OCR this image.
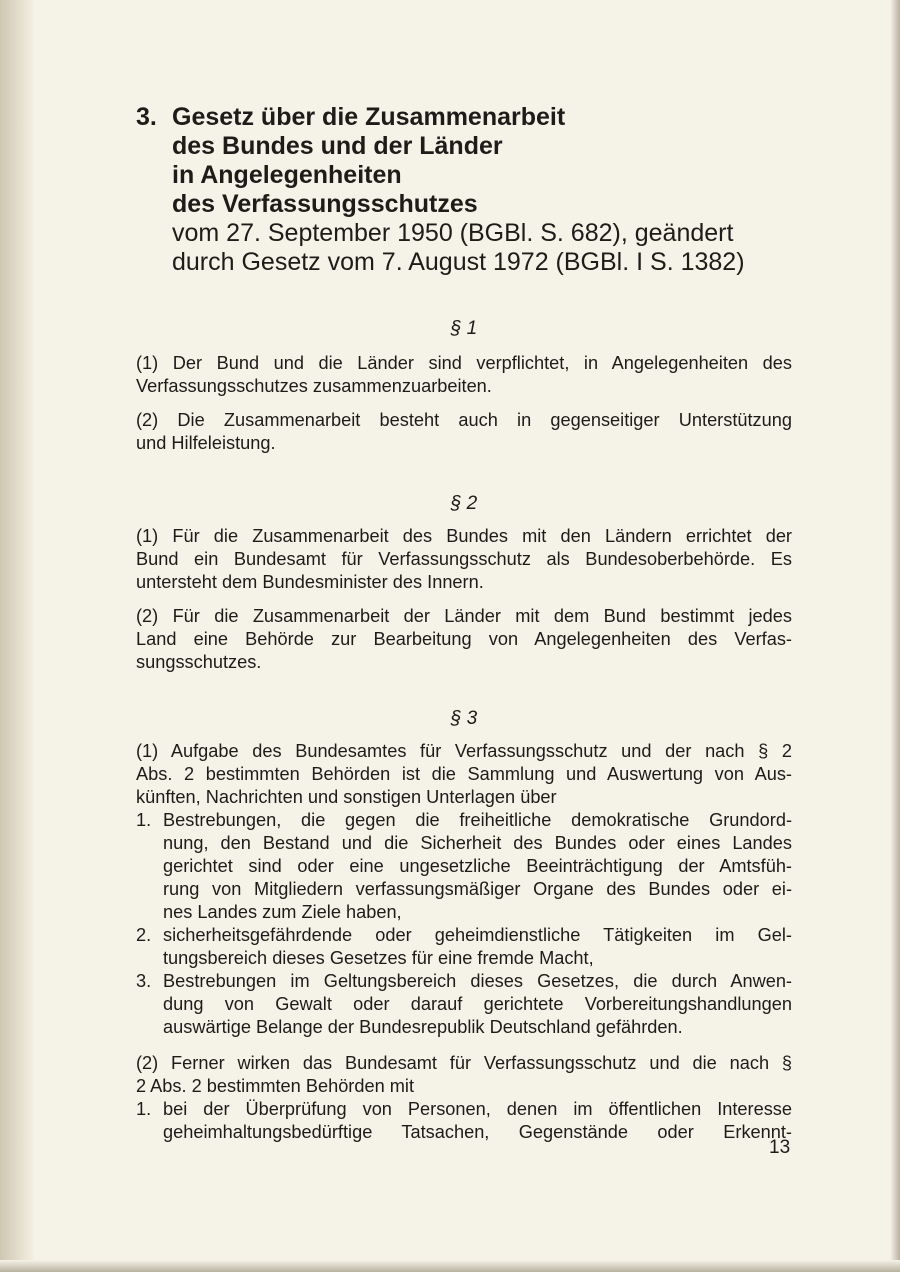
3. Gesetz über die Zusammenarbeit
des Bundes und der Länder
in Angelegenheiten
des Verfassungsschutzes
vom 27. September 1950 (BGBl. S. 682), geändert
durch Gesetz vom 7. August 1972 (BGBl. I S. 1382)
§ 1

(1) Der Bund und die Länder sind verpflichtet, in Angelegenheiten des
Verfassungsschutzes zusammenzuarbeiten.

(2) Die Zusammenarbeit besteht auch in gegenseitiger Unterstützung
und Hilfeleistung.

§ 2

(1) Für die Zusammenarbeit des Bundes mit den Ländern errichtet der
Bund ein Bundesamt für Verfassungsschutz als Bundesoberbehörde. Es
untersteht dem Bundesminister des Innern.

(2) Für die Zusammenarbeit der Länder mit dem Bund bestimmt jedes
Land eine Behörde zur Bearbeitung von Angelegenheiten des Verfas-
sungsschutzes.

§ 3

(1) Aufgabe des Bundesamtes für Verfassungsschutz und der nach § 2
Abs. 2 bestimmten Behörden ist die Sammlung und Auswertung von Aus-
künften, Nachrichten und sonstigen Unterlagen über

1. Bestrebungen, die gegen die freiheitliche demokratische Grundord-
nung, den Bestand und die Sicherheit des Bundes oder eines Landes
gerichtet sind oder eine ungesetzliche Beeinträchtigung der Amtsfüh-
rung von Mitgliedern verfassungsmäßiger Organe des Bundes oder ei-
nes Landes zum Ziele haben,
2. sicherheitsgefährdende oder geheimdienstliche Tätigkeiten im Gel-
tungsbereich dieses Gesetzes für eine fremde Macht,
3. Bestrebungen im Geltungsbereich dieses Gesetzes, die durch Anwen-
dung von Gewalt oder darauf gerichtete Vorbereitungshandlungen
auswärtige Belange der Bundesrepublik Deutschland gefährden.

(2) Ferner wirken das Bundesamt für Verfassungsschutz und die nach §
2 Abs. 2 bestimmten Behörden mit

1. bei der Überprüfung von Personen, denen im öffentlichen Interesse
geheimhaltungsbedürftige Tatsachen, Gegenstände oder Erkennt-
13
